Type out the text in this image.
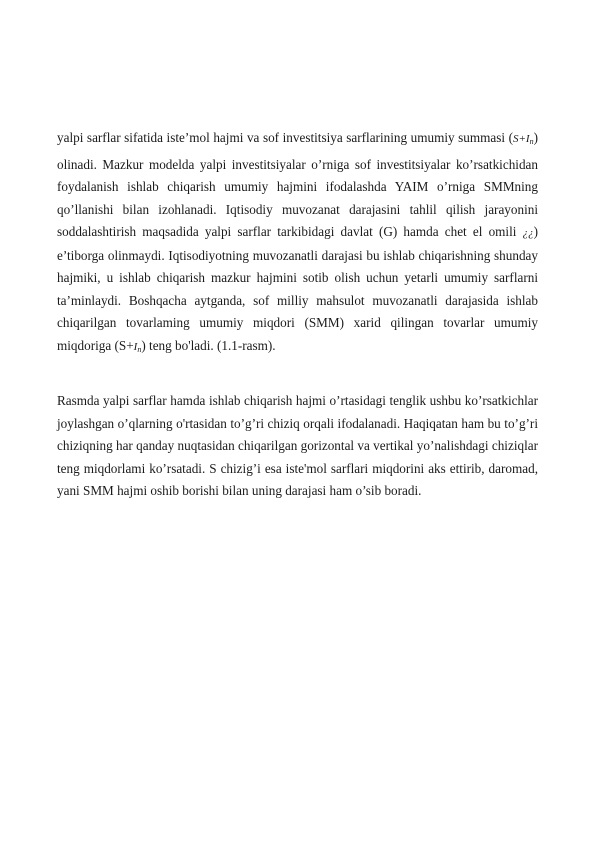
yalpi sarflar sifatida iste’mol hajmi va sof investitsiya sarflarining umumiy summasi $(S+I_n)$ olinadi. Mazkur modelda yalpi investitsiyalar o’rniga sof investitsiyalar ko’rsatkichidan foydalanish ishlab chiqarish umumiy hajmini ifodalashda YAIM o’rniga SMMning qo’llanishi bilan izohlanadi. Iqtisodiy muvozanat darajasini tahlil qilish jarayonini soddalashtirish maqsadida yalpi sarflar tarkibidagi davlat (G) hamda chet el omili ¿¿) e’tiborga olinmaydi. Iqtisodiyotning muvozanatli darajasi bu ishlab chiqarishning shunday hajmiki, u ishlab chiqarish mazkur hajmini sotib olish uchun yetarli umumiy sarflarni ta’minlaydi. Boshqacha aytganda, sof milliy mahsulot muvozanatli darajasida ishlab chiqarilgan tovarlaming umumiy miqdori (SMM) xarid qilingan tovarlar umumiy miqdoriga $(S+I_n)$ teng bo'ladi. (1.1-rasm).

Rasmda yalpi sarflar hamda ishlab chiqarish hajmi o’rtasidagi tenglik ushbu ko’rsatkichlar joylashgan o’qlarning o'rtasidan to’g’ri chiziq orqali ifodalanadi. Haqiqatan ham bu to’g’ri chiziqning har qanday nuqtasidan chiqarilgan gorizontal va vertikal yo’nalishdagi chiziqlar teng miqdorlami ko’rsatadi. S chizig’i esa iste'mol sarflari miqdorini aks ettirib, daromad, yani SMM hajmi oshib borishi bilan uning darajasi ham o’sib boradi.
